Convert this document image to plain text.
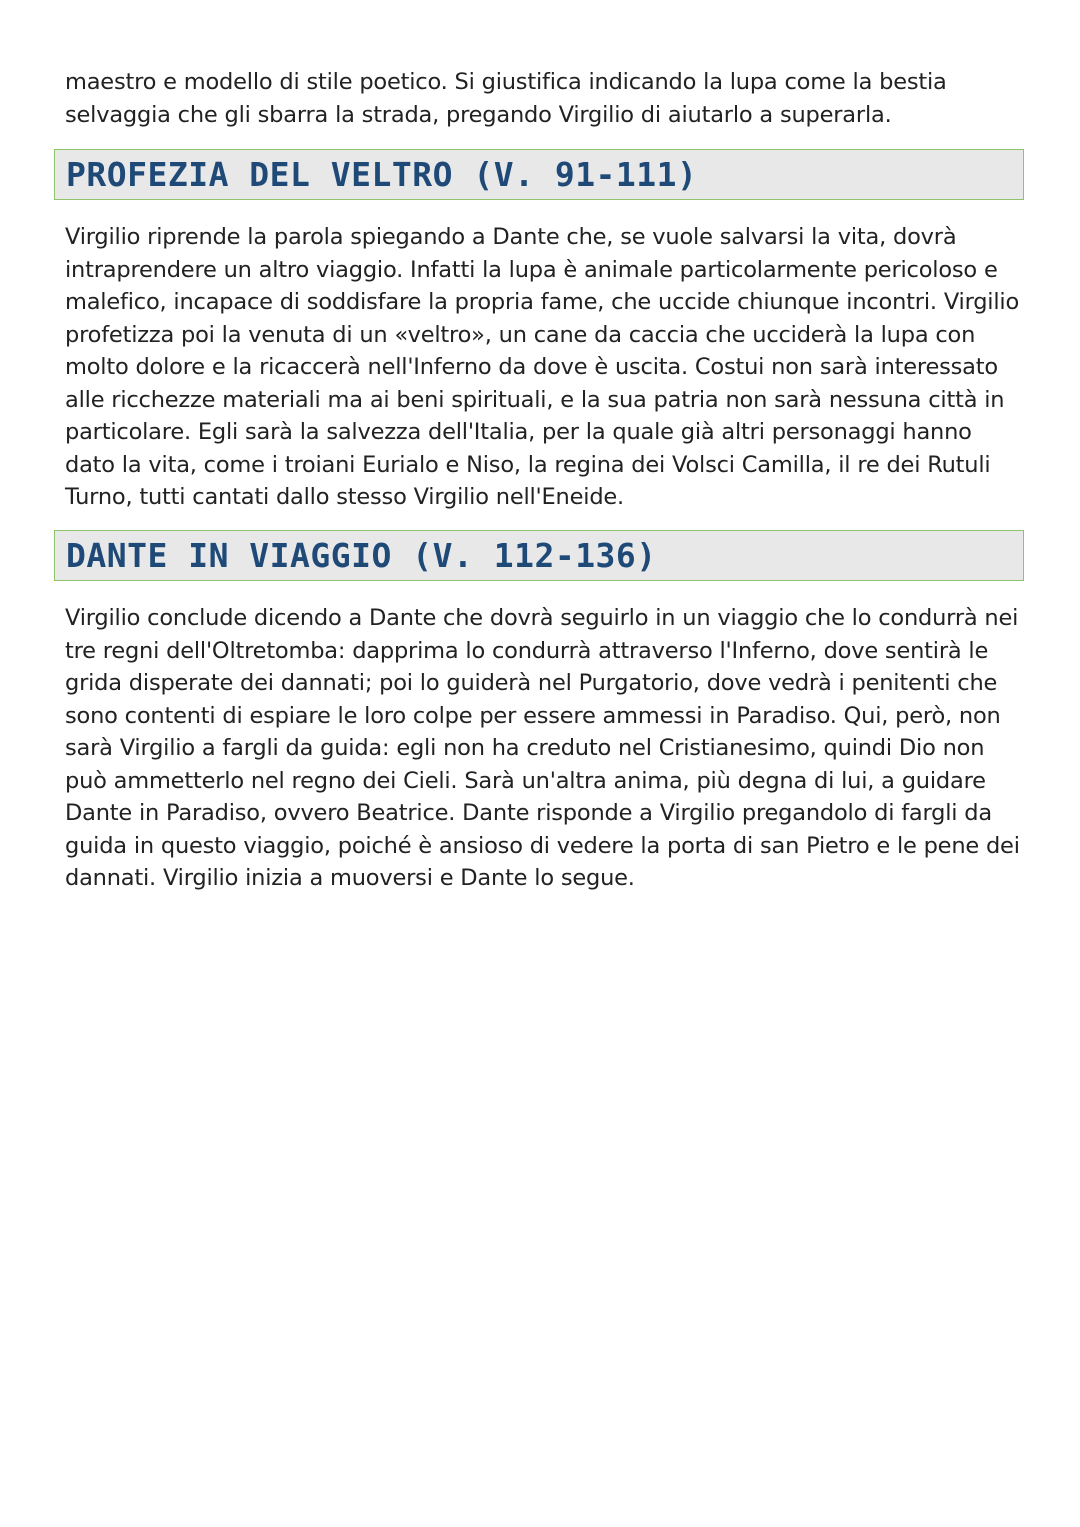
maestro e modello di stile poetico. Si giustifica indicando la lupa come la bestia selvaggia che gli sbarra la strada, pregando Virgilio di aiutarlo a superarla.

PROFEZIA DEL VELTRO (V. 91-111)

Virgilio riprende la parola spiegando a Dante che, se vuole salvarsi la vita, dovrà intraprendere un altro viaggio. Infatti la lupa è animale particolarmente pericoloso e malefico, incapace di soddisfare la propria fame, che uccide chiunque incontri. Virgilio profetizza poi la venuta di un «veltro», un cane da caccia che ucciderà la lupa con molto dolore e la ricaccerà nell'Inferno da dove è uscita. Costui non sarà interessato alle ricchezze materiali ma ai beni spirituali, e la sua patria non sarà nessuna città in particolare. Egli sarà la salvezza dell'Italia, per la quale già altri personaggi hanno dato la vita, come i troiani Eurialo e Niso, la regina dei Volsci Camilla, il re dei Rutuli Turno, tutti cantati dallo stesso Virgilio nell'Eneide.

DANTE IN VIAGGIO (V. 112-136)

Virgilio conclude dicendo a Dante che dovrà seguirlo in un viaggio che lo condurrà nei tre regni dell'Oltretomba: dapprima lo condurrà attraverso l'Inferno, dove sentirà le grida disperate dei dannati; poi lo guiderà nel Purgatorio, dove vedrà i penitenti che sono contenti di espiare le loro colpe per essere ammessi in Paradiso. Qui, però, non sarà Virgilio a fargli da guida: egli non ha creduto nel Cristianesimo, quindi Dio non può ammetterlo nel regno dei Cieli. Sarà un'altra anima, più degna di lui, a guidare Dante in Paradiso, ovvero Beatrice. Dante risponde a Virgilio pregandolo di fargli da guida in questo viaggio, poiché è ansioso di vedere la porta di san Pietro e le pene dei dannati. Virgilio inizia a muoversi e Dante lo segue.
